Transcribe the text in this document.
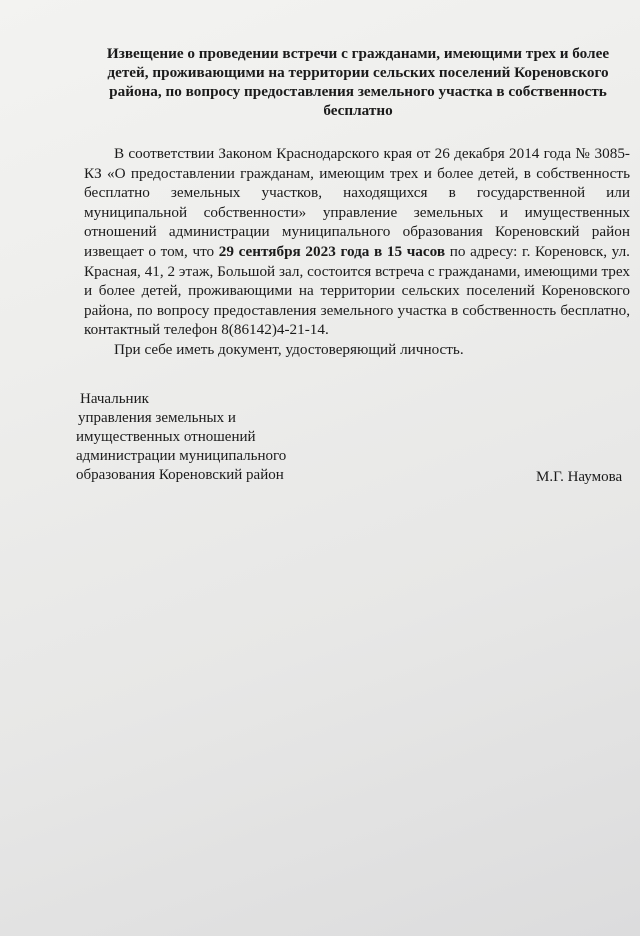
Извещение о проведении встречи с гражданами, имеющими трех и более детей, проживающими на территории сельских поселений Кореновского района, по вопросу предоставления земельного участка в собственность бесплатно

В соответствии Законом Краснодарского края от 26 декабря 2014 года № 3085-КЗ «О предоставлении гражданам, имеющим трех и более детей, в собственность бесплатно земельных участков, находящихся в государственной или муниципальной собственности» управление земельных и имущественных отношений администрации муниципального образования Кореновский район извещает о том, что 29 сентября 2023 года в 15 часов по адресу: г. Кореновск, ул. Красная, 41, 2 этаж, Большой зал, состоится встреча с гражданами, имеющими трех и более детей, проживающими на территории сельских поселений Кореновского района, по вопросу предоставления земельного участка в собственность бесплатно, контактный телефон 8(86142)4-21-14.

При себе иметь документ, удостоверяющий личность.

Начальник
управления земельных и
имущественных отношений
администрации муниципального
образования Кореновский район	М.Г. Наумова
